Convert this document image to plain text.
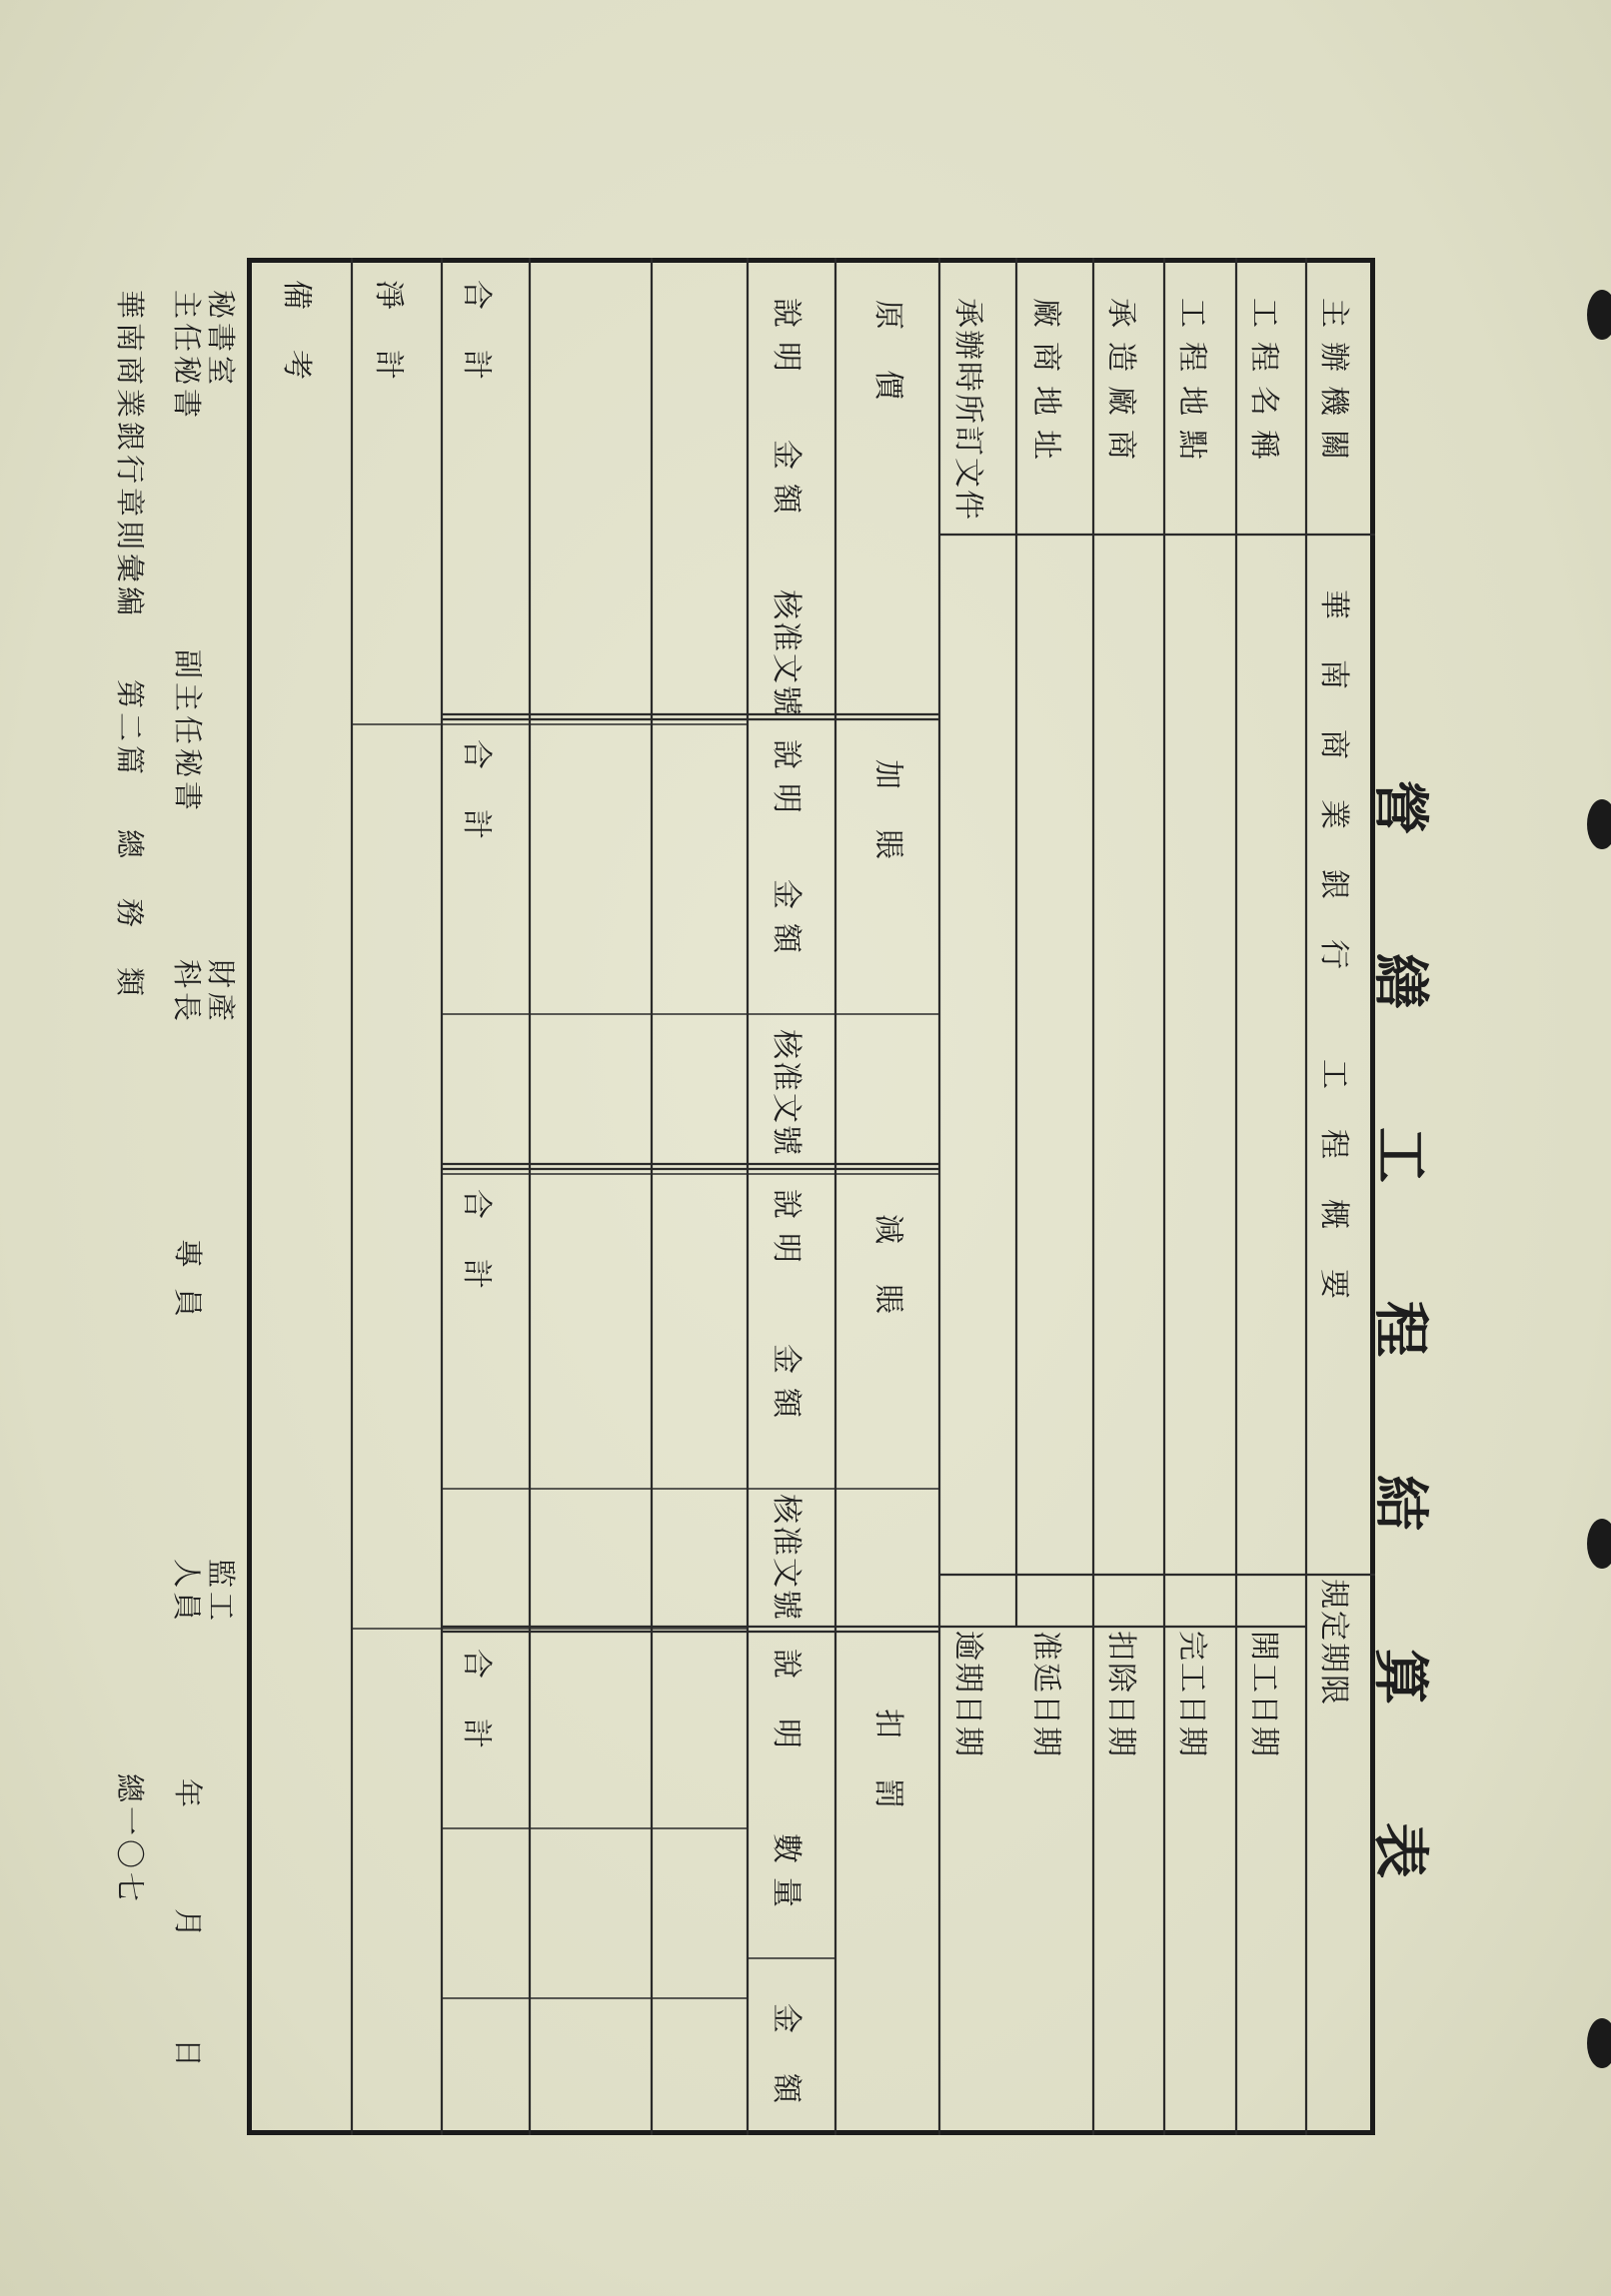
營繕工程結算表
主辦機關
工程名稱
工程地點
承造廠商
廠商地址
承辦時所訂文件
華南商業銀行
工程概要
規定期限
開工日期
完工日期
扣除日期
准延日期
逾期日期
原價
加賬
減賬
扣罰
說明
金額
核准文號
說明
金額
核准文號
說明
金額
核准文號
說明
數量
金額
合計
合計
合計
合計
淨計
備考
秘書室
主任秘書
副主任秘書
財產
科長
專員
監工
人員
年
月
日
華南商業銀行章則彙編
第二篇
總務類
總一〇七
